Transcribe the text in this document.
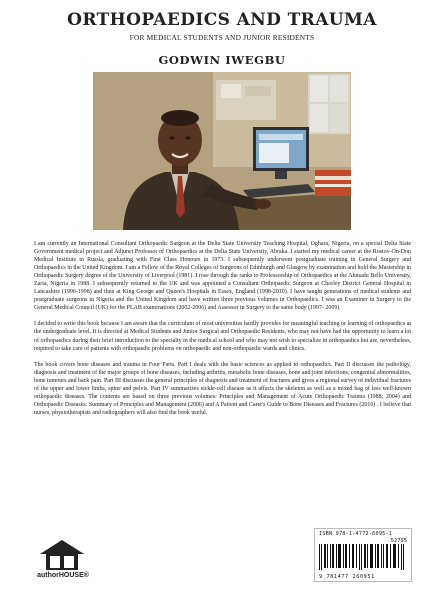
ORTHOPAEDICS AND TRAUMA
FOR MEDICAL STUDENTS AND JUNIOR RESIDENTS
GODWIN IWEGBU

I am currently an International Consultant Orthopaedic Surgeon at the Delta State University Teaching Hospital, Oghara, Nigeria, on a special Delta State Government medical project and Adjunct Professor of Orthopaedics at the Delta State University, Abraka. I started my medical career at the Rostov-On-Don Medical Institute in Russia, graduating with First Class Honours in 1973. I subsequently underwent postgraduate training in General Surgery and Orthopaedics in the United Kingdom. I am a Fellow of the Royal Colleges of Surgeons of Edinburgh and Glasgow by examination and hold the Mastership in Orthopaedic Surgery degree of the University of Liverpool (1981). I rose through the ranks to Professorship of Orthopaedics at the Ahmadu Bello University, Zaria, Nigeria in 1988. I subsequently returned to the UK and was appointed a Consultant Orthopaedic Surgeon at Chorley District General Hospital in Lancashire (1996-1998) and then at King George and Queen's Hospitals in Essex, England (1998-2010). I have taught generations of medical students and postgraduate surgeons in Nigeria and the United Kingdom and have written three previous volumes in Orthopaedics. I was an Examiner in Surgery to the General Medical Council (UK) for the PLAB examinations (2002-2006) and Assessor in Surgery to the same body (1997- 2009).

I decided to write this book because I am aware that the curriculum of most universities hardly provides for meaningful teaching or learning of orthopaedics at the undergraduate level. It is directed at Medical Students and Junior Surgical and Orthopaedic Residents, who may not have had the opportunity to learn a lot of orthopaedics during their brief introduction to the specialty in the medical school and who may not wish to specialize in orthopaedics but are, nevertheless, required to take care of patients with orthopaedic problems on orthopaedic and non-orthopaedic wards and clinics.

The book covers bone diseases and trauma in Four Parts. Part I deals with the basic sciences as applied to orthopaedics. Part II discusses the pathology, diagnosis and treatment of the major groups of bone diseases, including arthritis, metabolic bone diseases, bone and joint infections, congenital abnormalities, bone tumours and back pain. Part III discusses the general principles of diagnosis and treatment of fractures and gives a regional survey of individual fractures of the upper and lower limbs, spine and pelvis. Part IV summarizes sickle-cell disease as it affects the skeleton as well as a mixed bag of less well-known orthopaedic diseases. The contents are based on three previous volumes: Principles and Management of Acute Orthopaedic Trauma (1988; 2004) and Orthopaedic Diseases: Summary of Principles and Management (2006) and A Patient and Carer's Guide to Bone Diseases and Fractures (2010) . I believe that nurses, physiotherapists and radiographers will also find the book useful.

authorHOUSE®
ISBN 978-1-4772-6095-1
52795
9 781477 260951
